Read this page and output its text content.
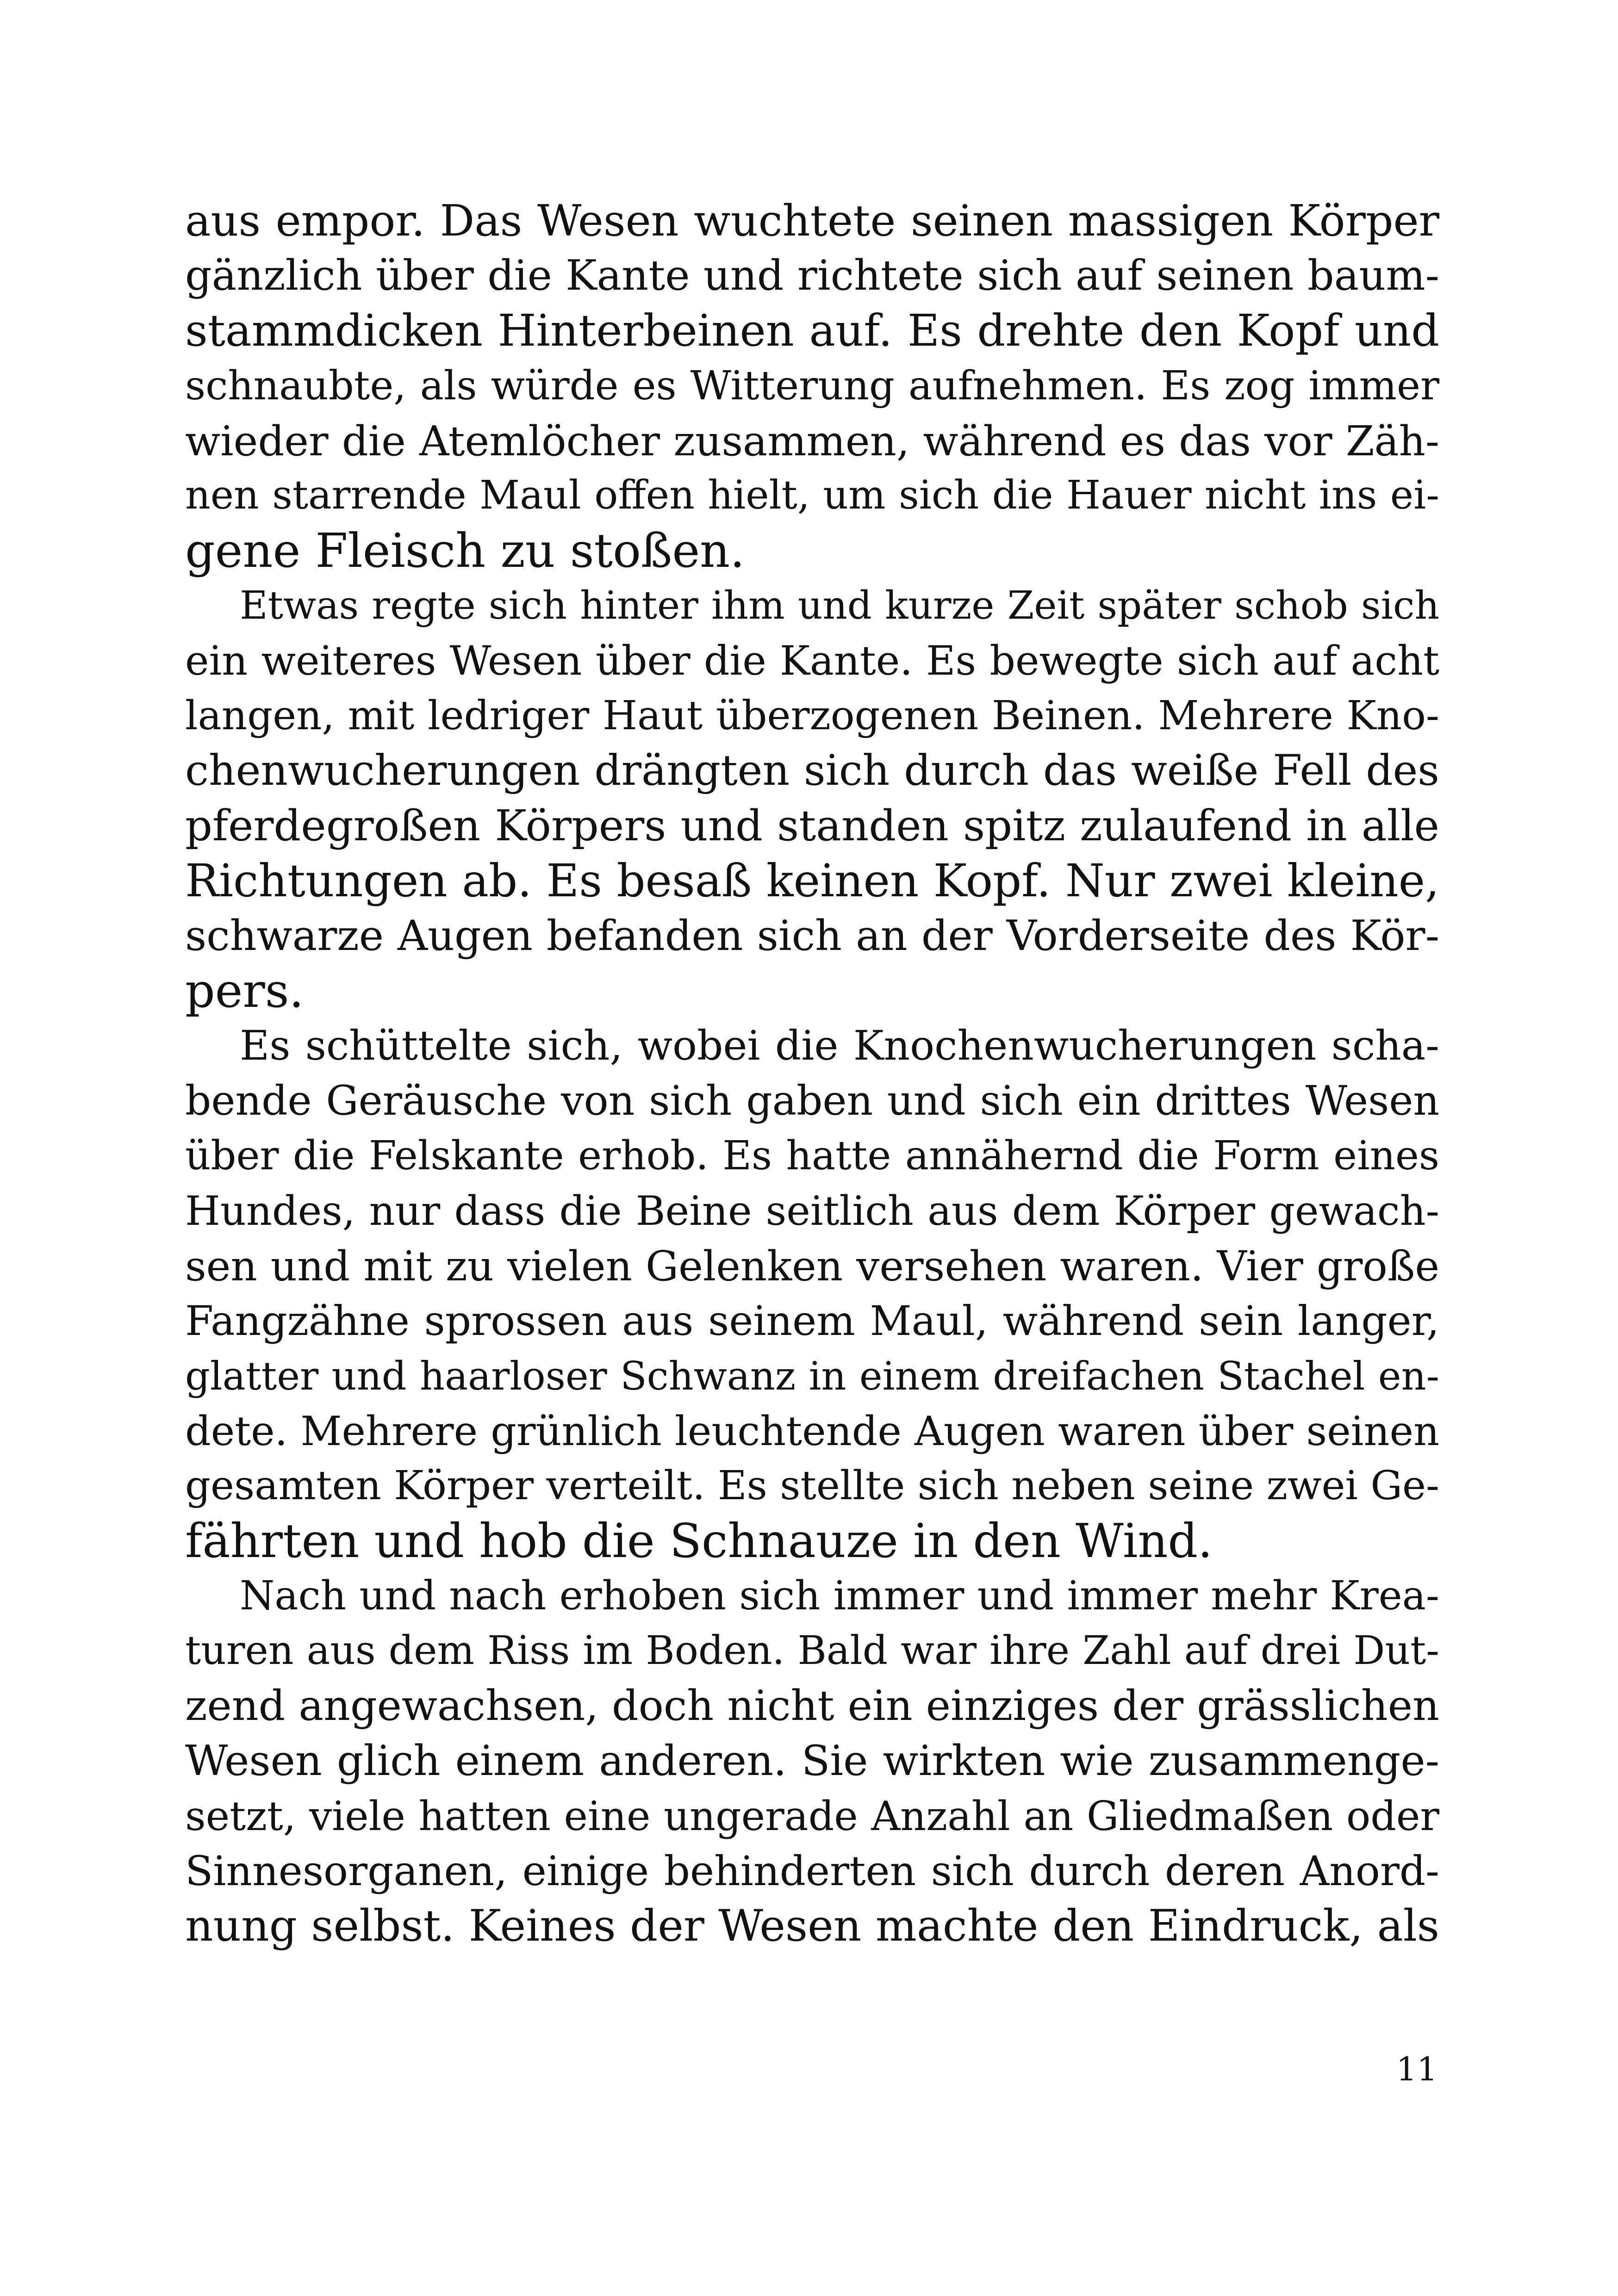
aus empor. Das Wesen wuchtete seinen massigen Körper
gänzlich über die Kante und richtete sich auf seinen baum-
stammdicken Hinterbeinen auf. Es drehte den Kopf und
schnaubte, als würde es Witterung aufnehmen. Es zog immer
wieder die Atemlöcher zusammen, während es das vor Zäh-
nen starrende Maul offen hielt, um sich die Hauer nicht ins ei-
gene Fleisch zu stoßen.
Etwas regte sich hinter ihm und kurze Zeit später schob sich
ein weiteres Wesen über die Kante. Es bewegte sich auf acht
langen, mit ledriger Haut überzogenen Beinen. Mehrere Kno-
chenwucherungen drängten sich durch das weiße Fell des
pferdegroßen Körpers und standen spitz zulaufend in alle
Richtungen ab. Es besaß keinen Kopf. Nur zwei kleine,
schwarze Augen befanden sich an der Vorderseite des Kör-
pers.
Es schüttelte sich, wobei die Knochenwucherungen scha-
bende Geräusche von sich gaben und sich ein drittes Wesen
über die Felskante erhob. Es hatte annähernd die Form eines
Hundes, nur dass die Beine seitlich aus dem Körper gewach-
sen und mit zu vielen Gelenken versehen waren. Vier große
Fangzähne sprossen aus seinem Maul, während sein langer,
glatter und haarloser Schwanz in einem dreifachen Stachel en-
dete. Mehrere grünlich leuchtende Augen waren über seinen
gesamten Körper verteilt. Es stellte sich neben seine zwei Ge-
fährten und hob die Schnauze in den Wind.
Nach und nach erhoben sich immer und immer mehr Krea-
turen aus dem Riss im Boden. Bald war ihre Zahl auf drei Dut-
zend angewachsen, doch nicht ein einziges der grässlichen
Wesen glich einem anderen. Sie wirkten wie zusammenge-
setzt, viele hatten eine ungerade Anzahl an Gliedmaßen oder
Sinnesorganen, einige behinderten sich durch deren Anord-
nung selbst. Keines der Wesen machte den Eindruck, als
11
